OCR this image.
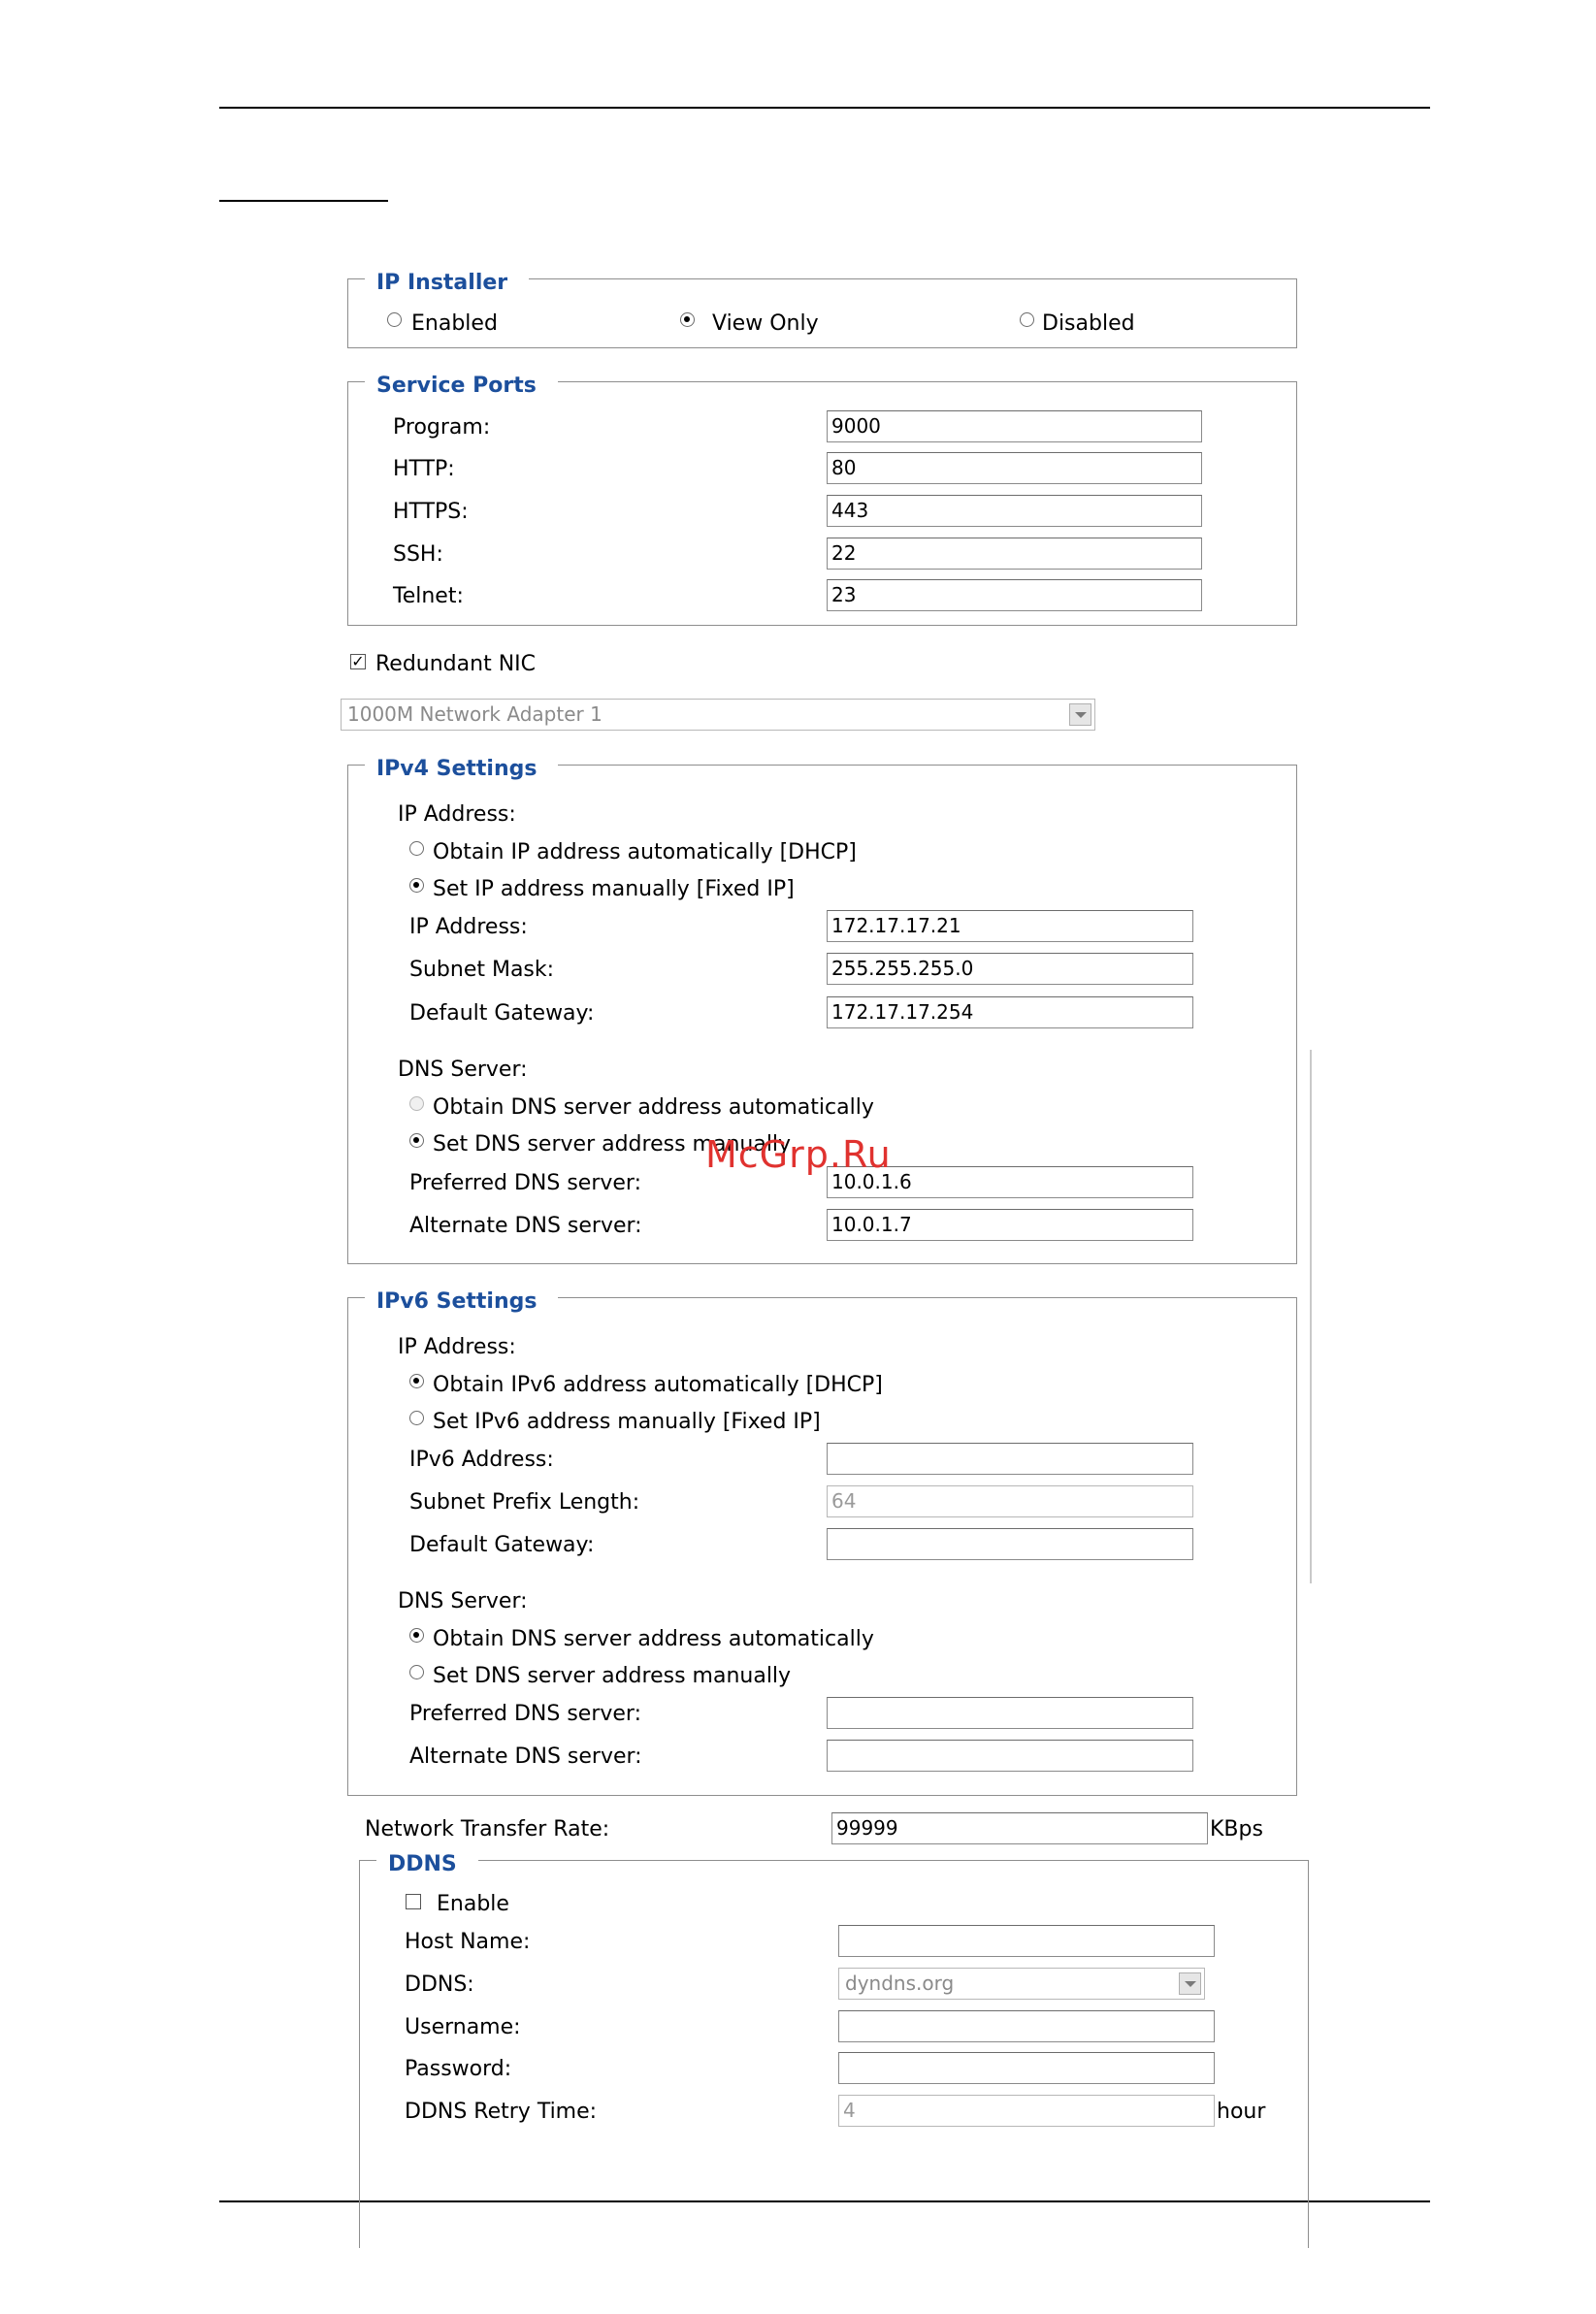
IP Installer
Enabled	View Only	Disabled
Service Ports
Program:	9000
HTTP:	80
HTTPS:	443
SSH:	22
Telnet:	23
✓ Redundant NIC
1000M Network Adapter 1
IPv4 Settings
IP Address:
Obtain IP address automatically [DHCP]
Set IP address manually [Fixed IP]
IP Address:	172.17.17.21
Subnet Mask:	255.255.255.0
Default Gateway:	172.17.17.254
DNS Server:
Obtain DNS server address automatically
Set DNS server address manually
Preferred DNS server:	10.0.1.6
Alternate DNS server:	10.0.1.7
IPv6 Settings
IP Address:
Obtain IPv6 address automatically [DHCP]
Set IPv6 address manually [Fixed IP]
IPv6 Address:
Subnet Prefix Length:	64
Default Gateway:
DNS Server:
Obtain DNS server address automatically
Set DNS server address manually
Preferred DNS server:
Alternate DNS server:
Network Transfer Rate:	99999	KBps
DDNS
Enable
Host Name:
DDNS:	dyndns.org
Username:
Password:
DDNS Retry Time:	4	hour
McGrp.Ru
